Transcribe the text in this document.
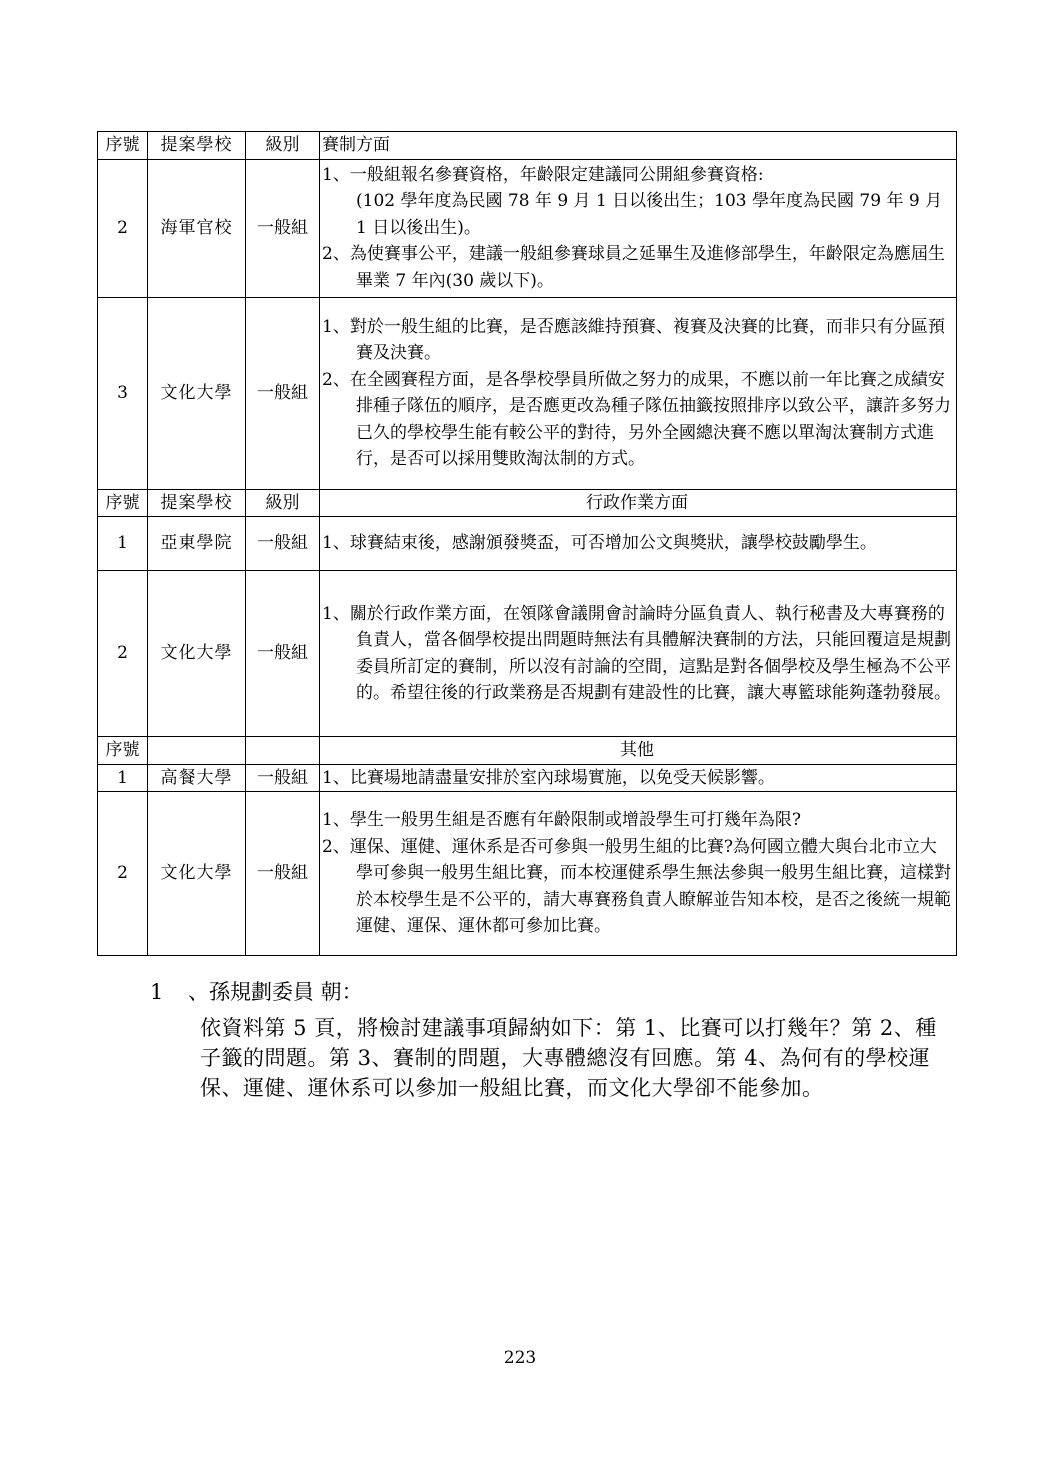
序號	提案學校	級別	賽制方面
2	海軍官校	一般組	1、一般組報名參賽資格，年齡限定建議同公開組參賽資格:

(102 學年度為民國 78 年 9 月 1 日以後出生；103 學年度為民國 79 年 9 月 1 日以後出生)。

2、為使賽事公平，建議一般組參賽球員之延畢生及進修部學生，年齡限定為應屆生畢業 7 年內(30 歲以下)。

3	文化大學	一般組	1、對於一般生組的比賽，是否應該維持預賽、複賽及決賽的比賽，而非只有分區預賽及決賽。

2、在全國賽程方面，是各學校學員所做之努力的成果，不應以前一年比賽之成績安排種子隊伍的順序，是否應更改為種子隊伍抽籤按照排序以致公平，讓許多努力已久的學校學生能有較公平的對待，另外全國總決賽不應以單淘汰賽制方式進行，是否可以採用雙敗淘汰制的方式。

序號	提案學校	級別	行政作業方面
1	亞東學院	一般組	1、球賽結束後，感謝頒發獎盃，可否增加公文與獎狀，讓學校鼓勵學生。

2	文化大學	一般組	1、關於行政作業方面，在領隊會議開會討論時分區負責人、執行秘書及大專賽務的負責人，當各個學校提出問題時無法有具體解決賽制的方法，只能回覆這是規劃委員所訂定的賽制，所以沒有討論的空間，這點是對各個學校及學生極為不公平的。希望往後的行政業務是否規劃有建設性的比賽，讓大專籃球能夠蓬勃發展。

序號			其他
1	高餐大學	一般組	1、比賽場地請盡量安排於室內球場實施，以免受天候影響。

2	文化大學	一般組	1、學生一般男生組是否應有年齡限制或增設學生可打幾年為限?

2、運保、運健、運休系是否可參與一般男生組的比賽?為何國立體大與台北市立大學可參與一般男生組比賽，而本校運健系學生無法參與一般男生組比賽，這樣對於本校學生是不公平的，請大專賽務負責人瞭解並告知本校，是否之後統一規範運健、運保、運休都可參加比賽。

1 、孫規劃委員 朝：
依資料第 5 頁，將檢討建議事項歸納如下：第 1、比賽可以打幾年？第 2、種子籤的問題。第 3、賽制的問題，大專體總沒有回應。第 4、為何有的學校運保、運健、運休系可以參加一般組比賽，而文化大學卻不能參加。
223
